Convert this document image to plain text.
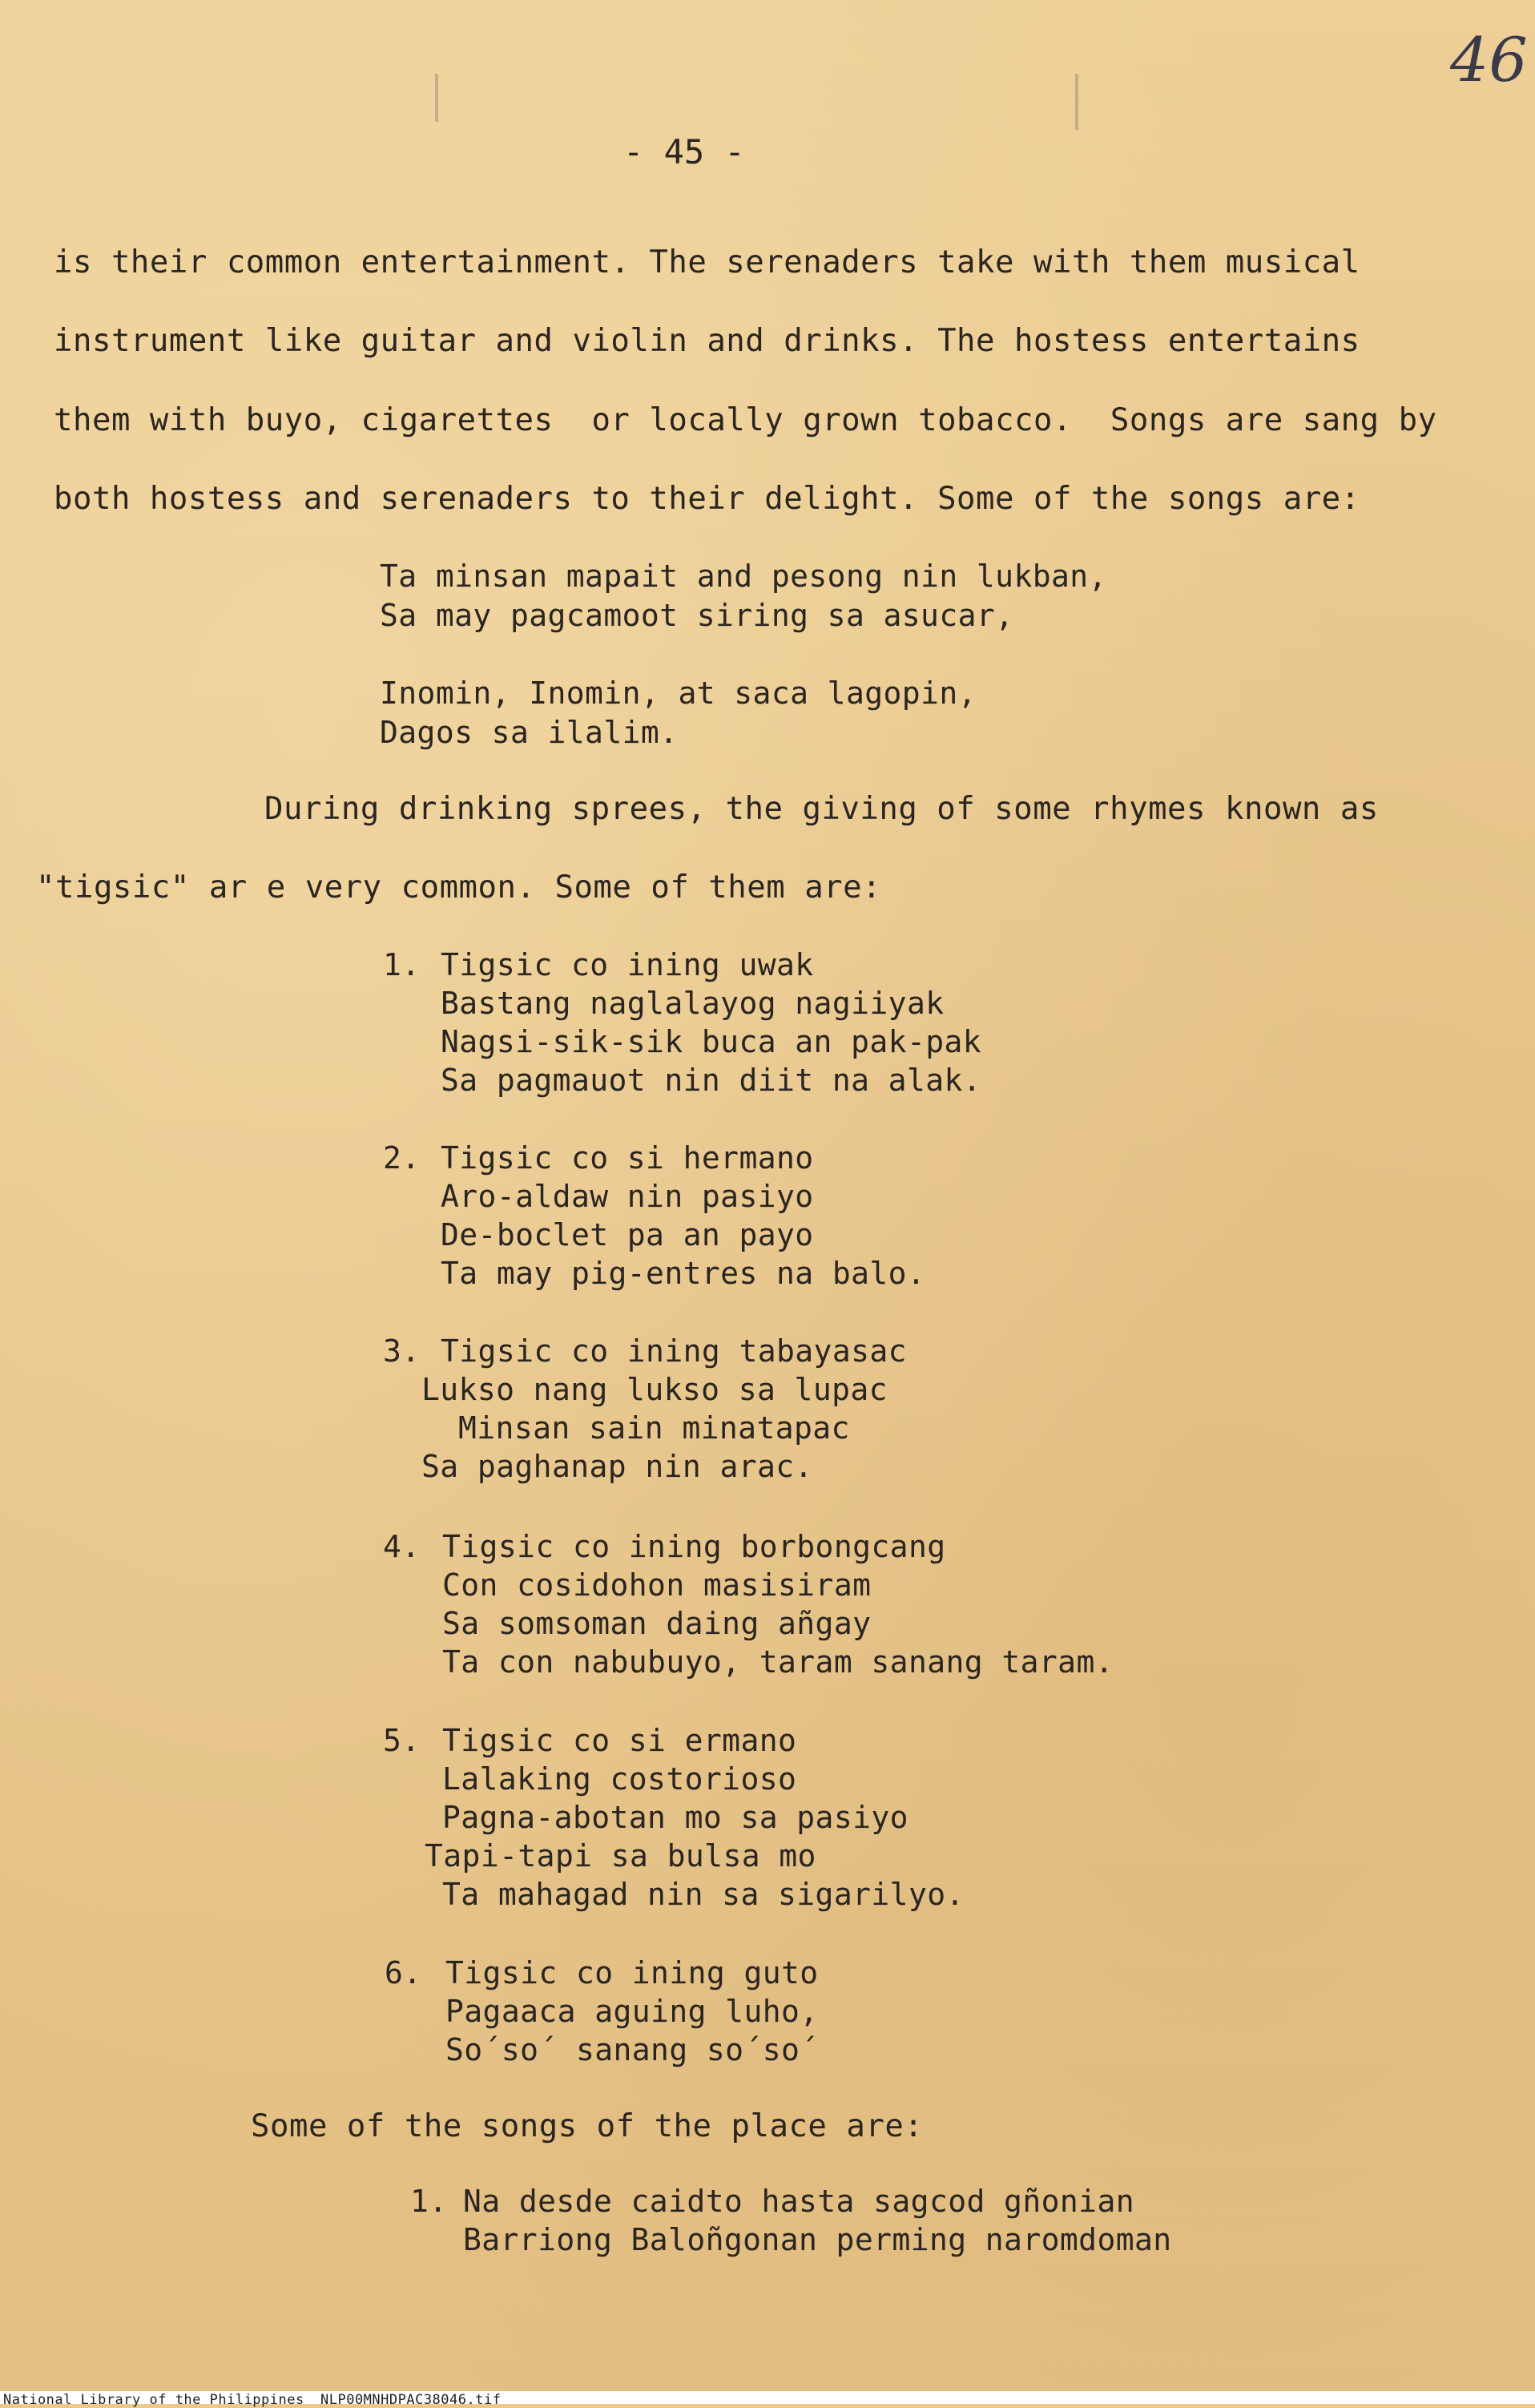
46
- 45 -
is their common entertainment. The serenaders take with them musical
instrument like guitar and violin and drinks. The hostess entertains
them with buyo, cigarettes  or locally grown tobacco.  Songs are sang by
both hostess and serenaders to their delight. Some of the songs are:
Ta minsan mapait and pesong nin lukban,
Sa may pagcamoot siring sa asucar,
Inomin, Inomin, at saca lagopin,
Dagos sa ilalim.
During drinking sprees, the giving of some rhymes known as
"tigsic" ar e very common. Some of them are:
1. Tigsic co ining uwak
Bastang naglalayog nagiiyak
Nagsi-sik-sik buca an pak-pak
Sa pagmauot nin diit na alak.
2. Tigsic co si hermano
Aro-aldaw nin pasiyo
De-boclet pa an payo
Ta may pig-entres na balo.
3. Tigsic co ining tabayasac
Lukso nang lukso sa lupac
Minsan sain minatapac
Sa paghanap nin arac.
4. Tigsic co ining borbongcang
Con cosidohon masisiram
Sa somsoman daing añgay
Ta con nabubuyo, taram sanang taram.
5. Tigsic co si ermano
Lalaking costorioso
Pagna-abotan mo sa pasiyo
Tapi-tapi sa bulsa mo
Ta mahagad nin sa sigarilyo.
6. Tigsic co ining guto
Pagaaca aguing luho,
So´so´ sanang so´so´
Some of the songs of the place are:
1. Na desde caidto hasta sagcod gñonian
Barriong Baloñgonan perming naromdoman
National Library of the Philippines NLP00MNHDPAC38046.tif
